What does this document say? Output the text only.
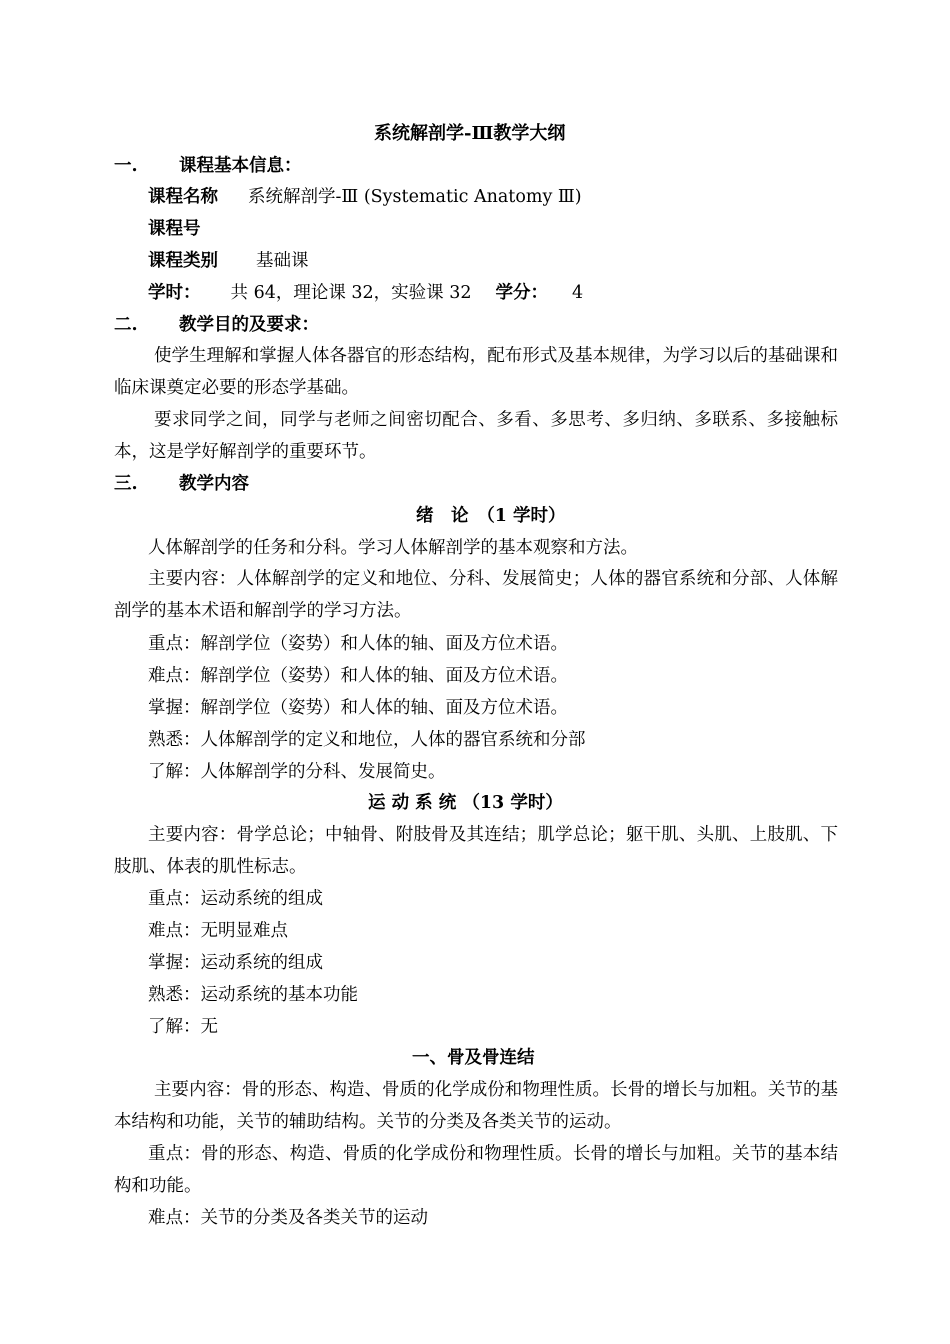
系统解剖学-Ⅲ教学大纲
一. 课程基本信息：
课程名称 系统解剖学-Ⅲ (Systematic Anatomy Ⅲ)
课程号
课程类别 基础课
学时： 共 64，理论课 32，实验课 32 学分： 4
二. 教学目的及要求：
使学生理解和掌握人体各器官的形态结构，配布形式及基本规律，为学习以后的基础课和临床课奠定必要的形态学基础。
要求同学之间，同学与老师之间密切配合、多看、多思考、多归纳、多联系、多接触标本，这是学好解剖学的重要环节。
三. 教学内容
绪　论　（1 学时）
人体解剖学的任务和分科。学习人体解剖学的基本观察和方法。
主要内容：人体解剖学的定义和地位、分科、发展简史；人体的器官系统和分部、人体解剖学的基本术语和解剖学的学习方法。
重点：解剖学位（姿势）和人体的轴、面及方位术语。
难点：解剖学位（姿势）和人体的轴、面及方位术语。
掌握：解剖学位（姿势）和人体的轴、面及方位术语。
熟悉：人体解剖学的定义和地位，人体的器官系统和分部
了解：人体解剖学的分科、发展简史。
运 动 系 统 （13 学时）
主要内容：骨学总论；中轴骨、附肢骨及其连结；肌学总论；躯干肌、头肌、上肢肌、下肢肌、体表的肌性标志。
重点：运动系统的组成
难点：无明显难点
掌握：运动系统的组成
熟悉：运动系统的基本功能
了解：无
一、骨及骨连结
主要内容：骨的形态、构造、骨质的化学成份和物理性质。长骨的增长与加粗。关节的基本结构和功能，关节的辅助结构。关节的分类及各类关节的运动。
重点：骨的形态、构造、骨质的化学成份和物理性质。长骨的增长与加粗。关节的基本结构和功能。
难点：关节的分类及各类关节的运动
